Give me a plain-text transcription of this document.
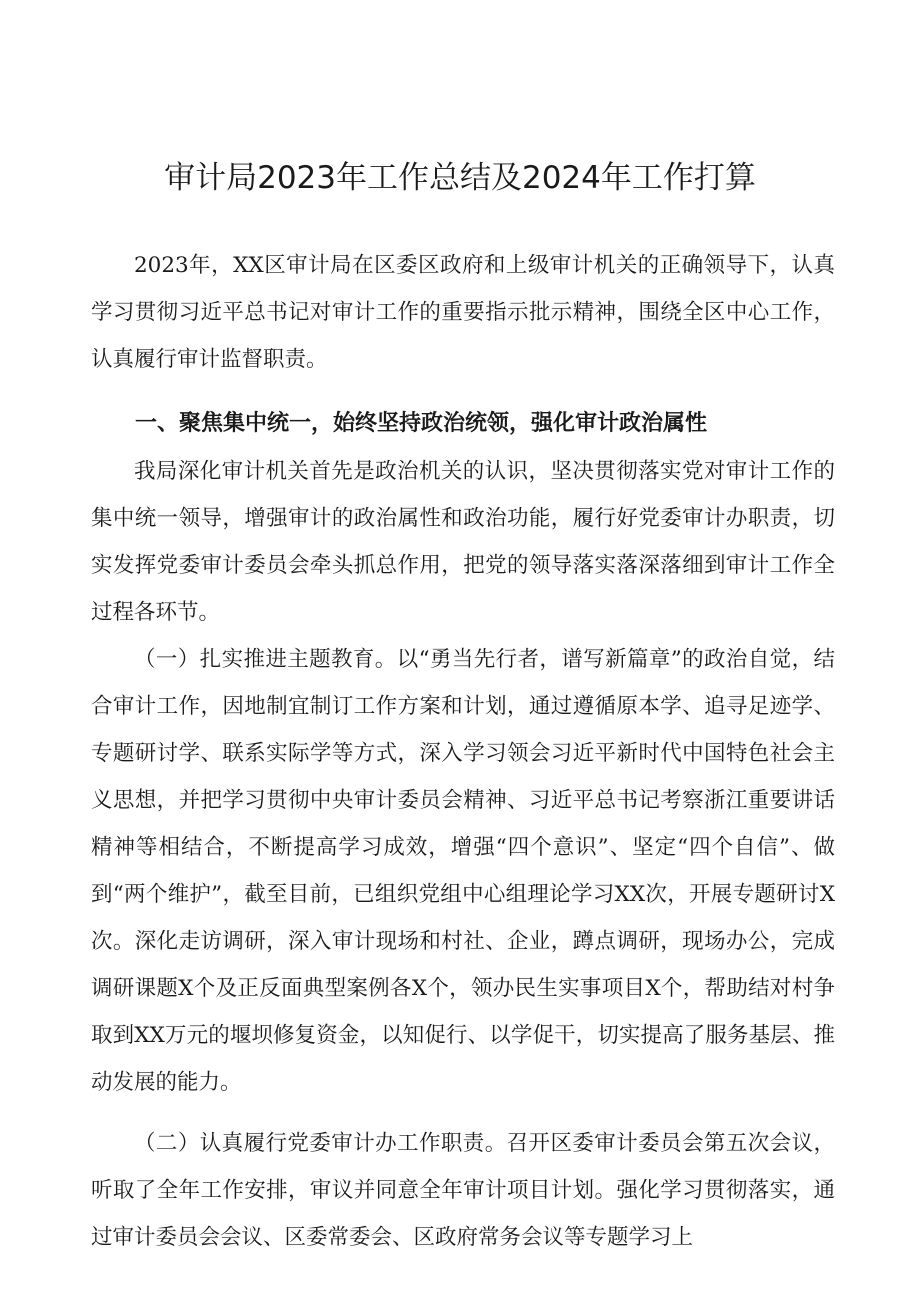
审计局2023年工作总结及2024年工作打算

2023年，XX区审计局在区委区政府和上级审计机关的正确领导下，认真学习贯彻习近平总书记对审计工作的重要指示批示精神，围绕全区中心工作，认真履行审计监督职责。

一、聚焦集中统一，始终坚持政治统领，强化审计政治属性

我局深化审计机关首先是政治机关的认识，坚决贯彻落实党对审计工作的集中统一领导，增强审计的政治属性和政治功能，履行好党委审计办职责，切实发挥党委审计委员会牵头抓总作用，把党的领导落实落深落细到审计工作全过程各环节。

（一）扎实推进主题教育。以“勇当先行者，谱写新篇章”的政治自觉，结合审计工作，因地制宜制订工作方案和计划，通过遵循原本学、追寻足迹学、专题研讨学、联系实际学等方式，深入学习领会习近平新时代中国特色社会主义思想，并把学习贯彻中央审计委员会精神、习近平总书记考察浙江重要讲话精神等相结合，不断提高学习成效，增强“四个意识”、坚定“四个自信”、做到“两个维护”，截至目前，已组织党组中心组理论学习XX次，开展专题研讨X次。深化走访调研，深入审计现场和村社、企业，蹲点调研，现场办公，完成调研课题X个及正反面典型案例各X个，领办民生实事项目X个，帮助结对村争取到XX万元的堰坝修复资金，以知促行、以学促干，切实提高了服务基层、推动发展的能力。

（二）认真履行党委审计办工作职责。召开区委审计委员会第五次会议，听取了全年工作安排，审议并同意全年审计项目计划。强化学习贯彻落实，通过审计委员会会议、区委常委会、区政府常务会议等专题学习上
